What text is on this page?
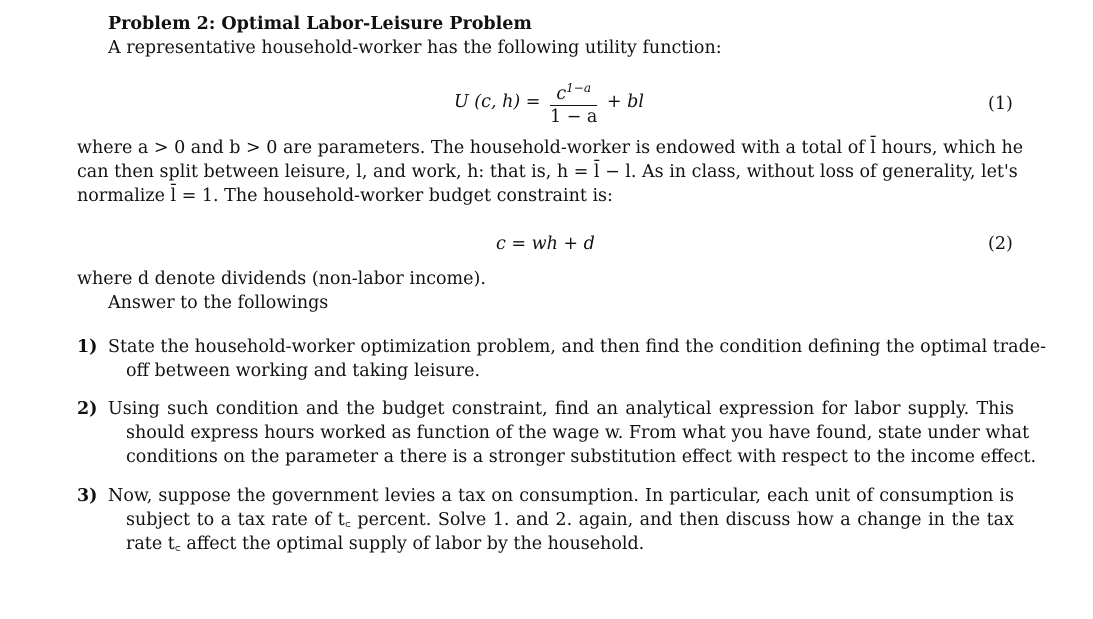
Problem 2: Optimal Labor-Leisure Problem
A representative household-worker has the following utility function:
U (c, $h) = \frac{c^{1-a}}{1 - a}$ + bl	(1)
where a > 0 and b > 0 are parameters. The household-worker is endowed with a total of l̄ hours, which he
can then split between leisure, l, and work, h: that is, h = l̄ − l. As in class, without loss of generality, let's
normalize l̄ = 1. The household-worker budget constraint is:
c = wh + d	(2)
where d denote dividends (non-labor income).
Answer to the followings
1) State the household-worker optimization problem, and then find the condition defining the optimal trade-
off between working and taking leisure.
2) Using such condition and the budget constraint, find an analytical expression for labor supply. This
should express hours worked as function of the wage w. From what you have found, state under what
conditions on the parameter a there is a stronger substitution effect with respect to the income effect.
3) Now, suppose the government levies a tax on consumption. In particular, each unit of consumption is
subject to a tax rate of t꜀ percent. Solve 1. and 2. again, and then discuss how a change in the tax
rate t꜀ affect the optimal supply of labor by the household.
